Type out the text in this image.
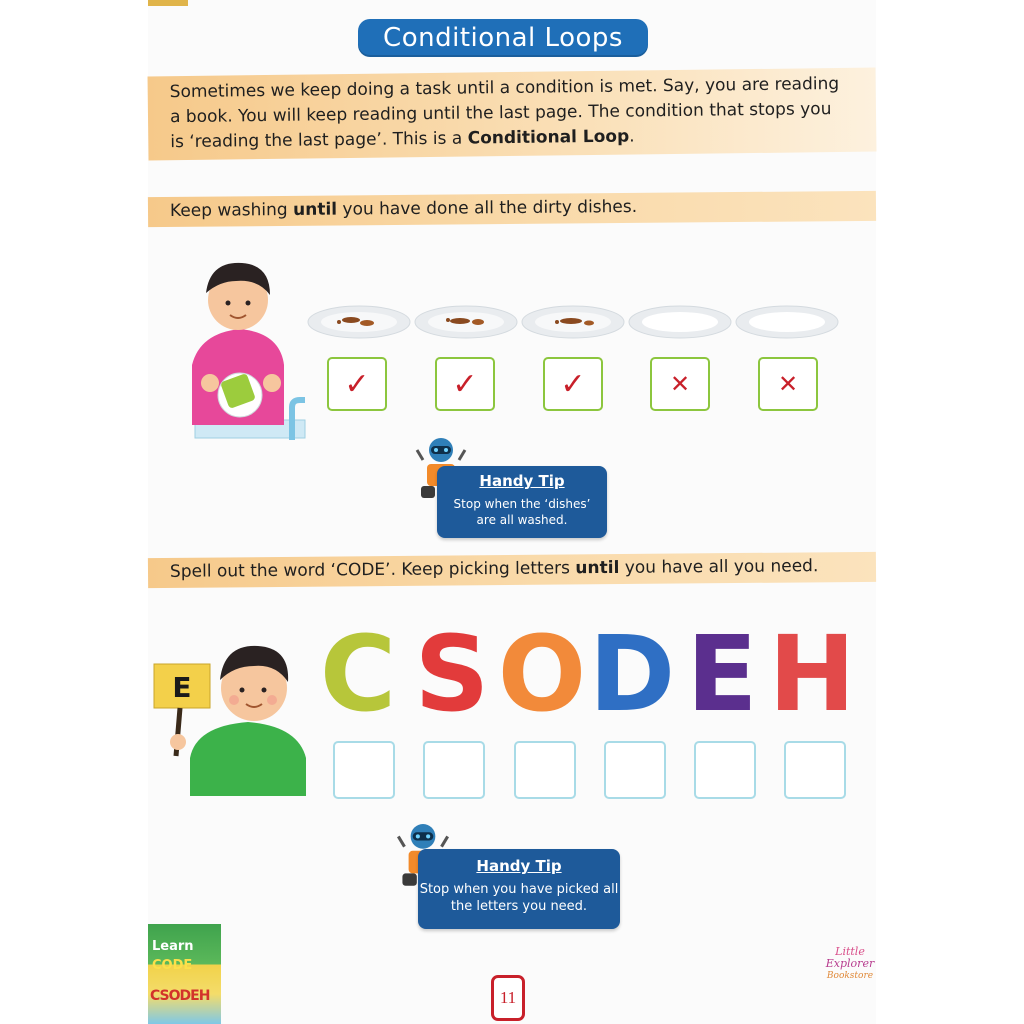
Conditional Loops
Sometimes we keep doing a task until a condition is met. Say, you are reading
a book. You will keep reading until the last page. The condition that stops you
is ‘reading the last page’. This is a Conditional Loop.
Keep washing until you have done all the dirty dishes.
✓	✓	✓	✕	✕
Handy Tip
Stop when the ‘dishes’
are all washed.
Spell out the word ‘CODE’. Keep picking letters until you have all you need.
E C S O D E H
Handy Tip
Stop when you have picked all
the letters you need.
Learn
CODE
CSODEH	11
Little
Explorer
Bookstore
